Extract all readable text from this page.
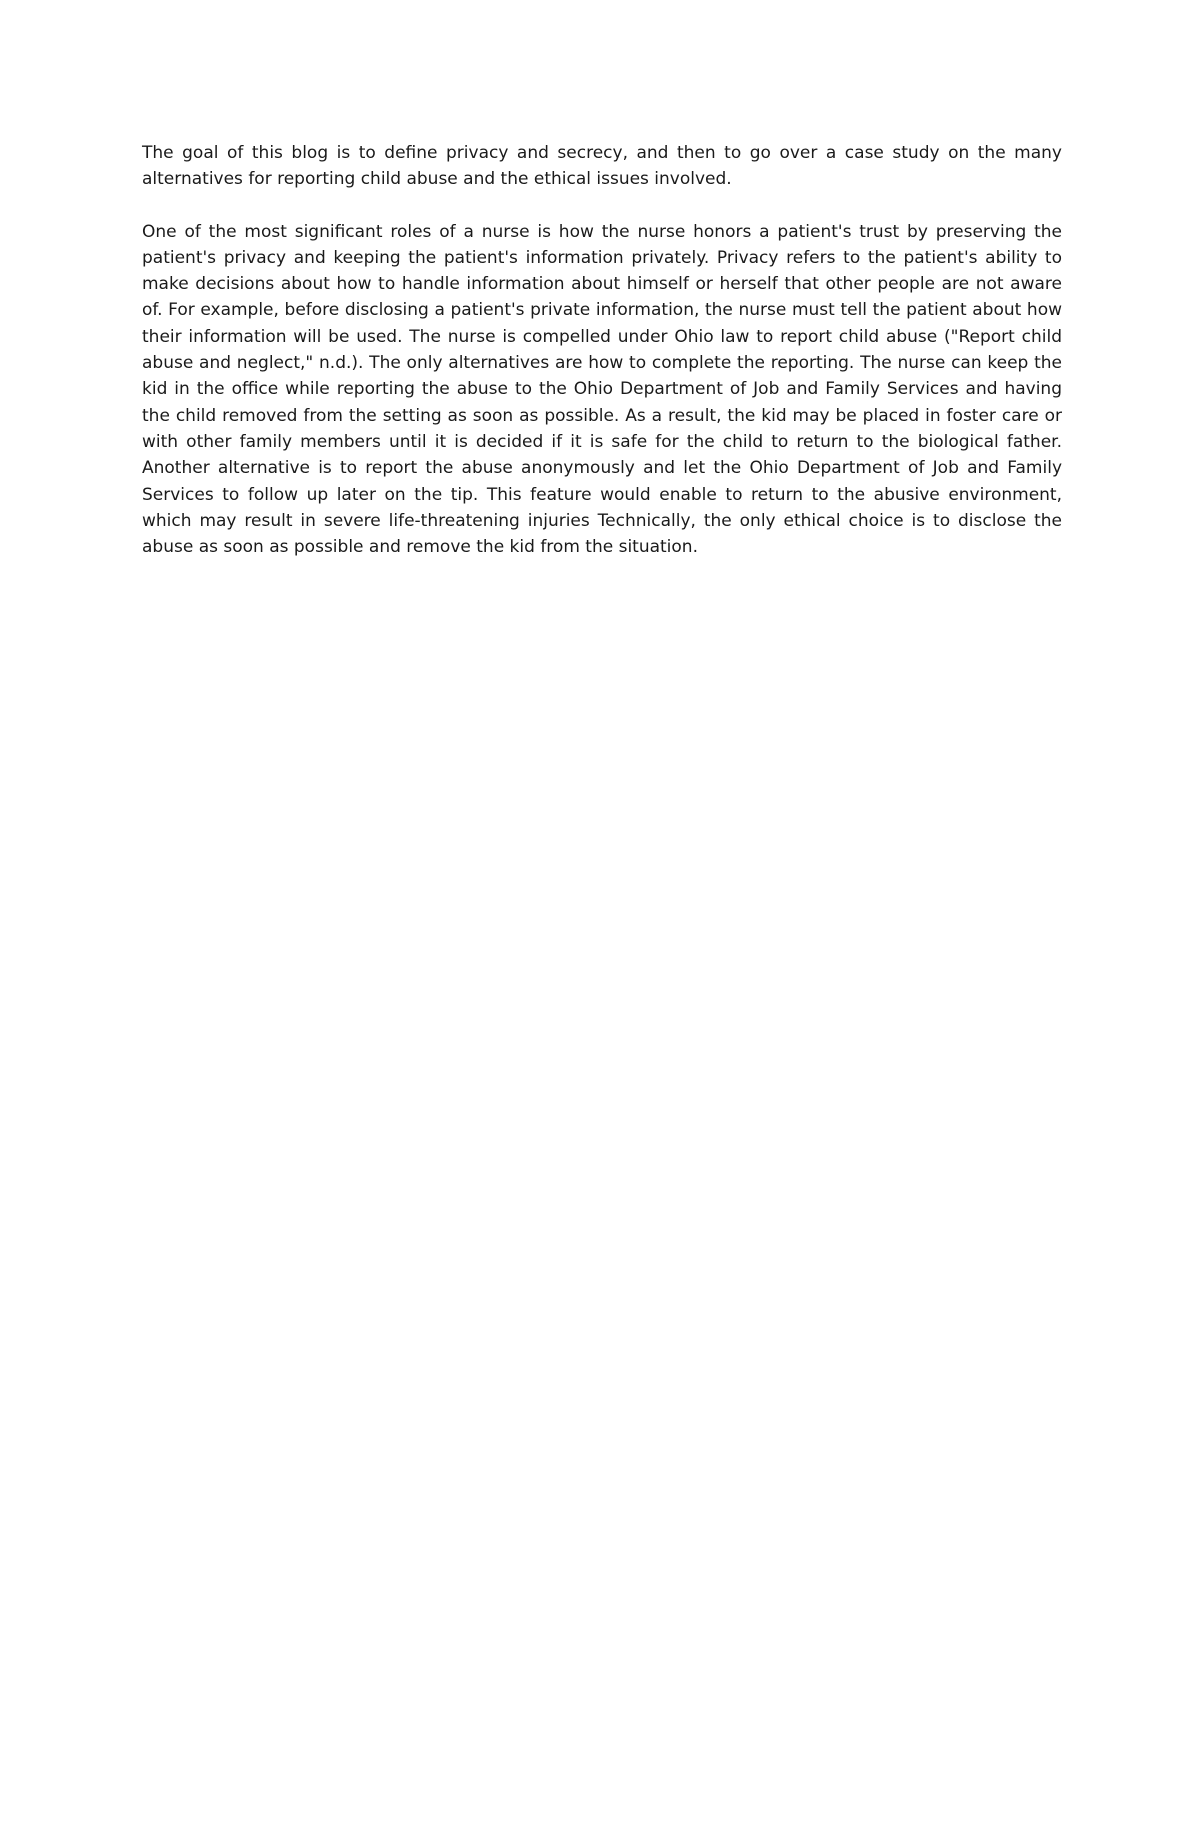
The goal of this blog is to define privacy and secrecy, and then to go over a case study on the many alternatives for reporting child abuse and the ethical issues involved.

One of the most significant roles of a nurse is how the nurse honors a patient's trust by preserving the patient's privacy and keeping the patient's information privately. Privacy refers to the patient's ability to make decisions about how to handle information about himself or herself that other people are not aware of. For example, before disclosing a patient's private information, the nurse must tell the patient about how their information will be used. The nurse is compelled under Ohio law to report child abuse ("Report child abuse and neglect," n.d.). The only alternatives are how to complete the reporting. The nurse can keep the kid in the office while reporting the abuse to the Ohio Department of Job and Family Services and having the child removed from the setting as soon as possible. As a result, the kid may be placed in foster care or with other family members until it is decided if it is safe for the child to return to the biological father. Another alternative is to report the abuse anonymously and let the Ohio Department of Job and Family Services to follow up later on the tip. This feature would enable to return to the abusive environment, which may result in severe life-threatening injuries Technically, the only ethical choice is to disclose the abuse as soon as possible and remove the kid from the situation.
